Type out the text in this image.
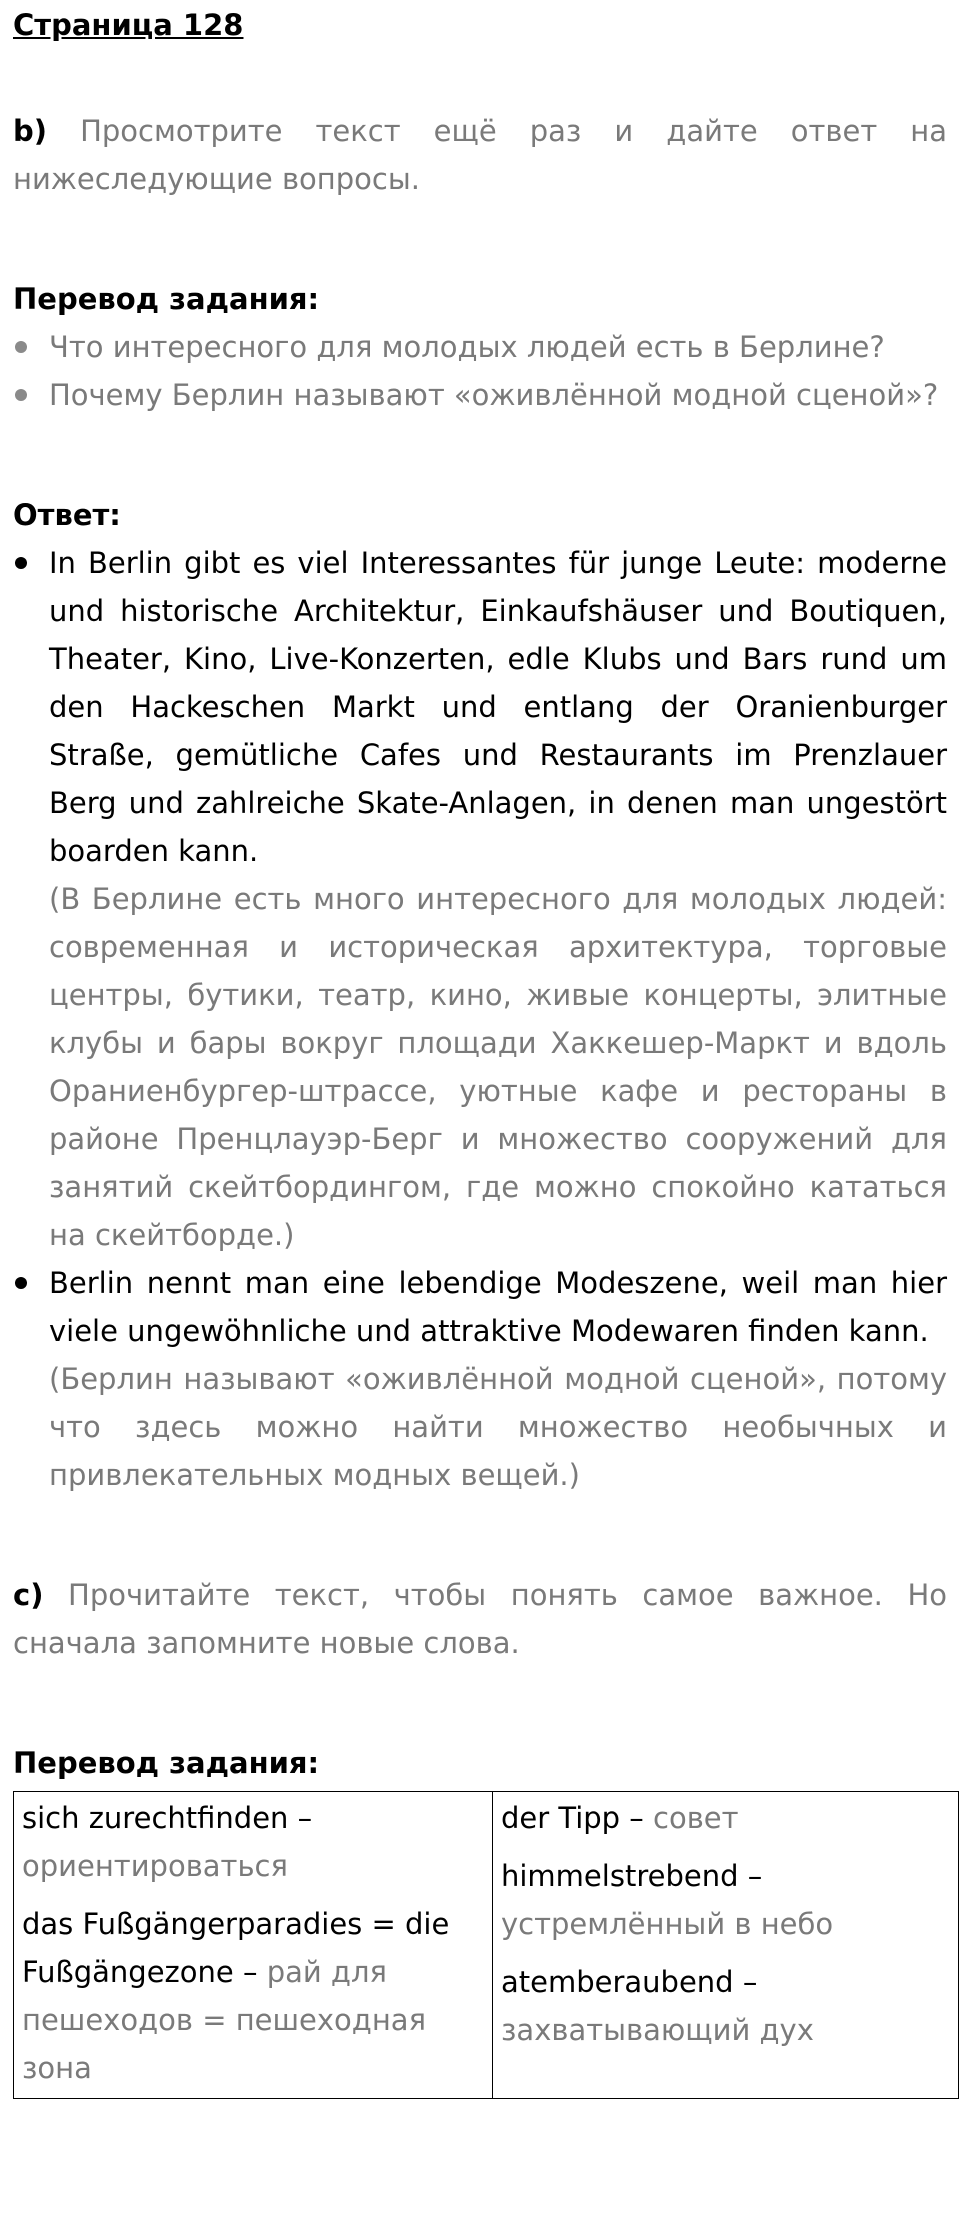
Страница 128

b) Просмотрите текст ещё раз и дайте ответ на нижеследующие вопросы.

Перевод задания:
Что интересного для молодых людей есть в Берлине?
Почему Берлин называют «оживлённой модной сценой»?
Ответ:
In Berlin gibt es viel Interessantes für junge Leute: moderne und historische Architektur, Einkaufshäuser und Boutiquen, Theater, Kino, Live-Konzerten, edle Klubs und Bars rund um den Hackeschen Markt und entlang der Oranienburger Straße, gemütliche Cafes und Restaurants im Prenzlauer Berg und zahlreiche Skate-Anlagen, in denen man ungestört boarden kann.
(В Берлине есть много интересного для молодых людей: современная и историческая архитектура, торговые центры, бутики, театр, кино, живые концерты, элитные клубы и бары вокруг площади Хаккешер-Маркт и вдоль Ораниенбургер-штрассе, уютные кафе и рестораны в районе Пренцлауэр-Берг и множество сооружений для занятий скейтбордингом, где можно спокойно кататься на скейтборде.)
Berlin nennt man eine lebendige Modeszene, weil man hier viele ungewöhnliche und attraktive Modewaren finden kann.
(Берлин называют «оживлённой модной сценой», потому что здесь можно найти множество необычных и привлекательных модных вещей.)

c) Прочитайте текст, чтобы понять самое важное. Но сначала запомните новые слова.

Перевод задания:
sich zurechtfinden – ориентироваться
das Fußgängerparadies = die Fußgängezone – рай для пешеходов = пешеходная зона

der Tipp – совет
himmelstrebend – устремлённый в небо
atemberaubend – захватывающий дух
